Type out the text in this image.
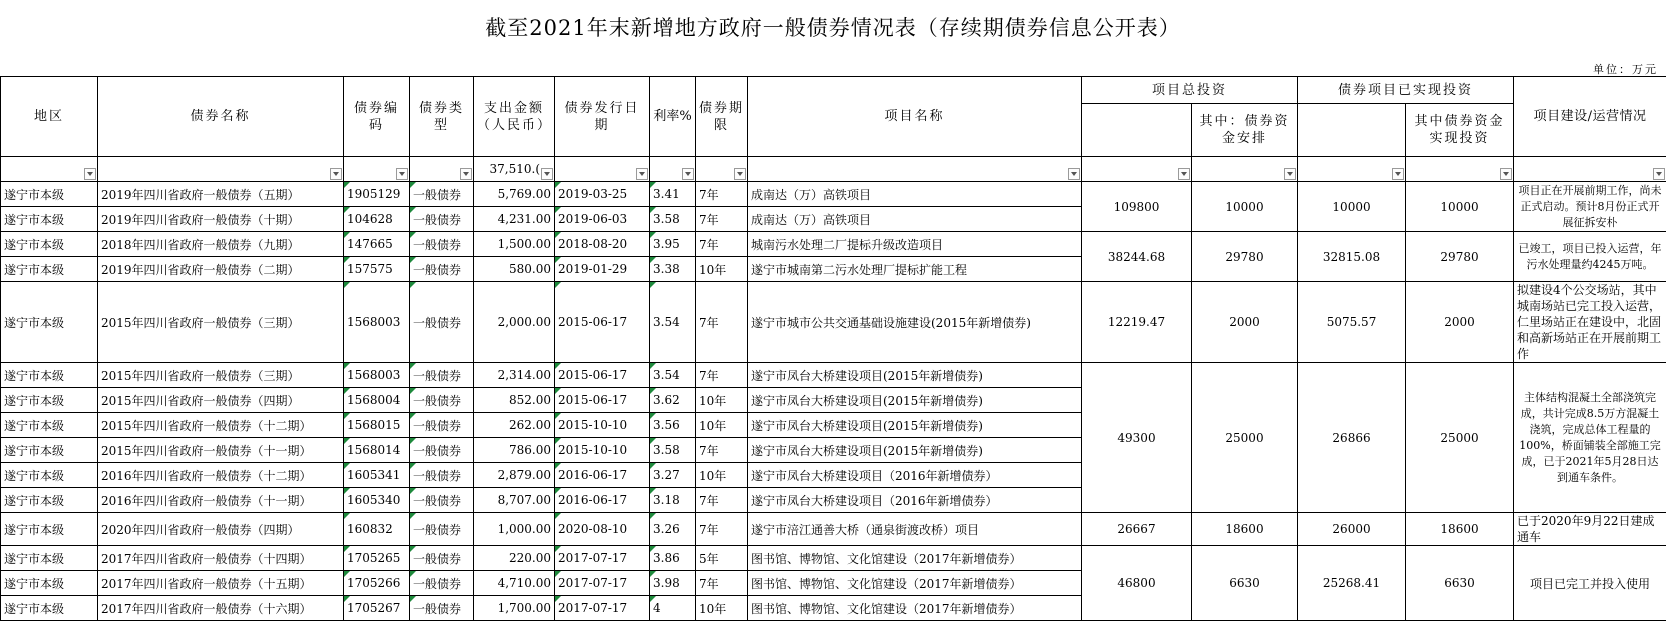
截至2021年末新增地方政府一般债券情况表（存续期债券信息公开表）
单位：万元
地区	债券名称	债券编码	债券类型	支出金额（人民币）	债券发行日期	利率%	债券期限	项目名称	项目总投资		债券项目已实现投资		项目建设/运营情况
										其中：债券资金安排		其中债券资金实现投资	

				37,510.(									

遂宁市本级	2019年四川省政府一般债券（五期）	1905129	一般债券	5,769.00	2019-03-25	3.41	7年	成南达（万）高铁项目	109800	10000	10000	10000	项目正在开展前期工作，尚未正式启动。预计8月份正式开展征拆安朴
遂宁市本级	2019年四川省政府一般债券（十期）	104628	一般债券	4,231.00	2019-06-03	3.58	7年	成南达（万）高铁项目					
遂宁市本级	2018年四川省政府一般债券（九期）	147665	一般债券	1,500.00	2018-08-20	3.95	7年	城南污水处理二厂提标升级改造项目	38244.68	29780	32815.08	29780	已竣工，项目已投入运营，年污水处理量约4245万吨。
遂宁市本级	2019年四川省政府一般债券（二期）	157575	一般债券	580.00	2019-01-29	3.38	10年	遂宁市城南第二污水处理厂提标扩能工程					
遂宁市本级	2015年四川省政府一般债券（三期）	1568003	一般债券	2,000.00	2015-06-17	3.54	7年	遂宁市城市公共交通基础设施建设(2015年新增债券)	12219.47	2000	5075.57	2000	拟建设4个公交场站，其中城南场站已完工投入运营，仁里场站正在建设中，北固和高新场站正在开展前期工作
遂宁市本级	2015年四川省政府一般债券（三期）	1568003	一般债券	2,314.00	2015-06-17	3.54	7年	遂宁市凤台大桥建设项目(2015年新增债券)	49300	25000	26866	25000	主体结构混凝土全部浇筑完成，共计完成8.5万方混凝土浇筑，完成总体工程量的100%，桥面铺装全部施工完成，已于2021年5月28日达到通车条件。
遂宁市本级	2015年四川省政府一般债券（四期）	1568004	一般债券	852.00	2015-06-17	3.62	10年	遂宁市凤台大桥建设项目(2015年新增债券)					
遂宁市本级	2015年四川省政府一般债券（十二期）	1568015	一般债券	262.00	2015-10-10	3.56	10年	遂宁市凤台大桥建设项目(2015年新增债券)					
遂宁市本级	2015年四川省政府一般债券（十一期）	1568014	一般债券	786.00	2015-10-10	3.58	7年	遂宁市凤台大桥建设项目(2015年新增债券)					
遂宁市本级	2016年四川省政府一般债券（十二期）	1605341	一般债券	2,879.00	2016-06-17	3.27	10年	遂宁市凤台大桥建设项目（2016年新增债券）					
遂宁市本级	2016年四川省政府一般债券（十一期）	1605340	一般债券	8,707.00	2016-06-17	3.18	7年	遂宁市凤台大桥建设项目（2016年新增债券）					
遂宁市本级	2020年四川省政府一般债券（四期）	160832	一般债券	1,000.00	2020-08-10	3.26	7年	遂宁市涪江通善大桥（通泉街渡改桥）项目	26667	18600	26000	18600	已于2020年9月22日建成通车
遂宁市本级	2017年四川省政府一般债券（十四期）	1705265	一般债券	220.00	2017-07-17	3.86	5年	图书馆、博物馆、文化馆建设（2017年新增债券）	46800	6630	25268.41	6630	项目已完工并投入使用
遂宁市本级	2017年四川省政府一般债券（十五期）	1705266	一般债券	4,710.00	2017-07-17	3.98	7年	图书馆、博物馆、文化馆建设（2017年新增债券）					
遂宁市本级	2017年四川省政府一般债券（十六期）	1705267	一般债券	1,700.00	2017-07-17	4	10年	图书馆、博物馆、文化馆建设（2017年新增债券）					
